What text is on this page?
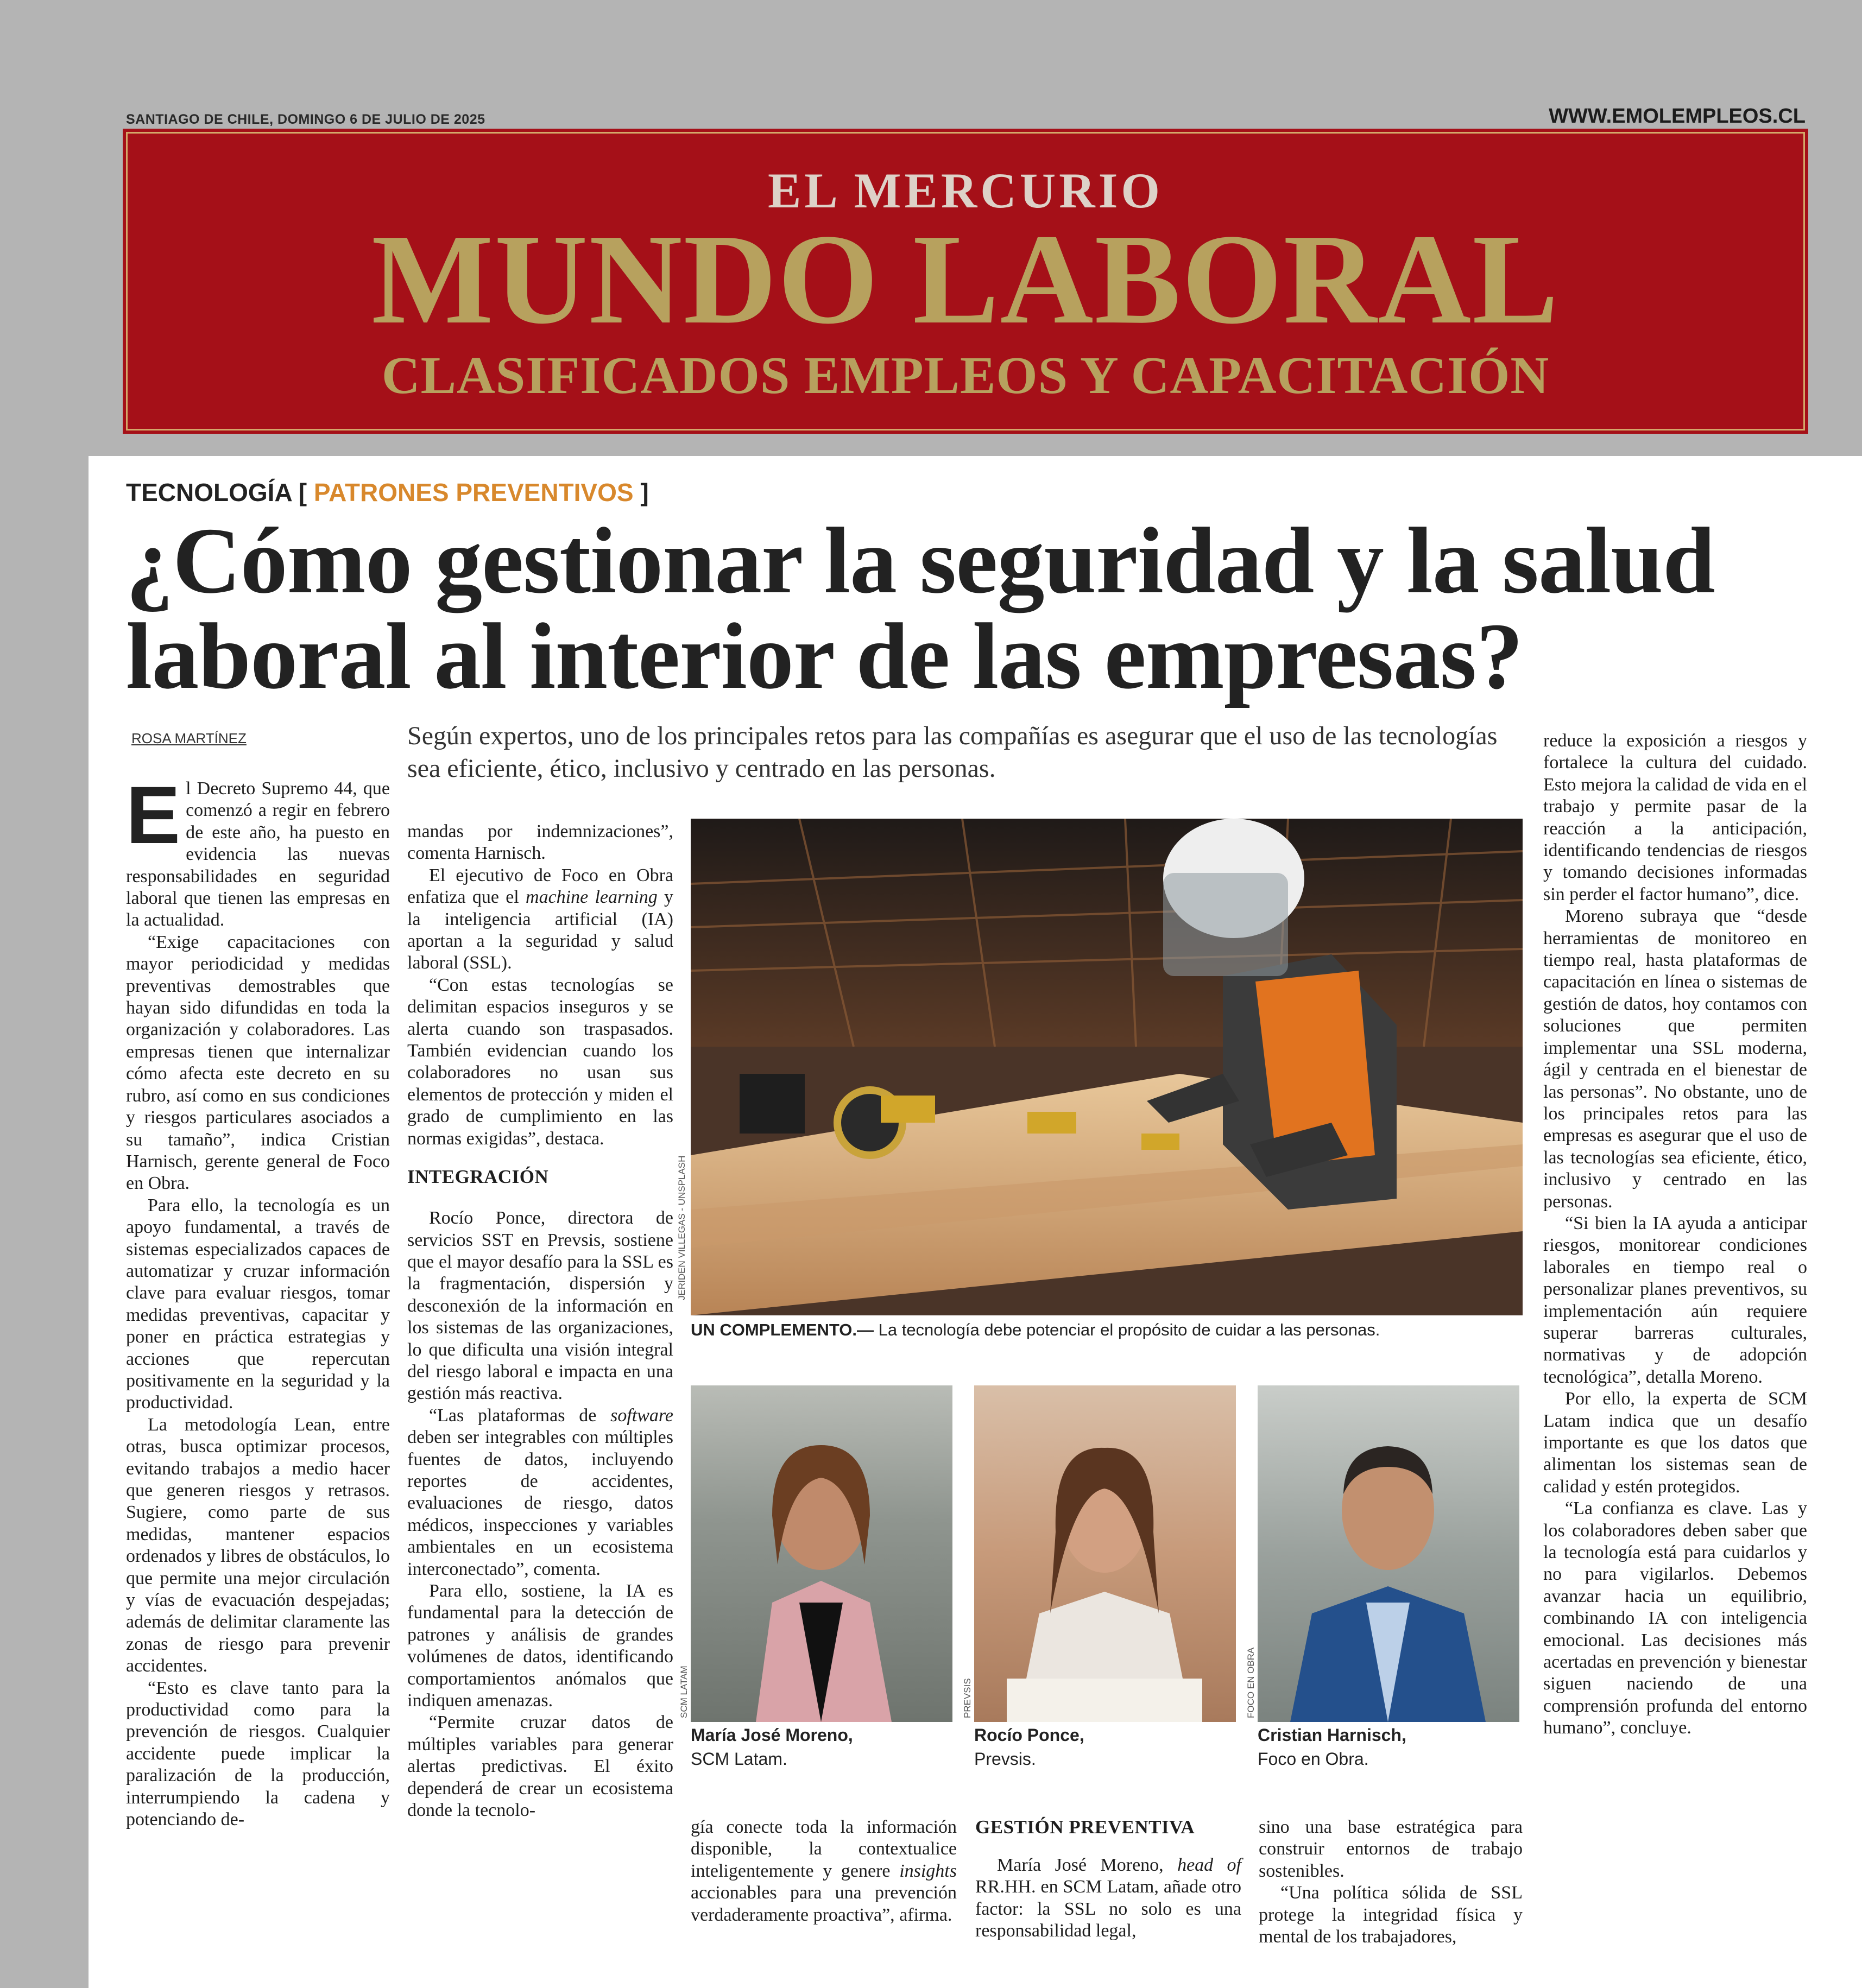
SANTIAGO DE CHILE, DOMINGO 6 DE JULIO DE 2025	WWW.EMOLEMPLEOS.CL
EL MERCURIO
MUNDO LABORAL
CLASIFICADOS EMPLEOS Y CAPACITACIÓN
TECNOLOGÍA [ PATRONES PREVENTIVOS ]
¿Cómo gestionar la seguridad y la salud
laboral al interior de las empresas?
ROSA MARTÍNEZ	Según expertos, uno de los principales retos para las compañías es asegurar que el uso de las tecnologías sea eficiente, ético, inclusivo y centrado en las personas.

El Decreto Supremo 44, que comenzó a regir en febrero de este año, ha puesto en evidencia las nuevas responsabilidades en seguridad laboral que tienen las empresas en la actualidad.

“Exige capacitaciones con mayor periodicidad y medidas preventivas demostrables que hayan sido difundidas en toda la organización y colaboradores. Las empresas tienen que internalizar cómo afecta este decreto en su rubro, así como en sus condiciones y riesgos particulares asociados a su tamaño”, indica Cristian Harnisch, gerente general de Foco en Obra.

Para ello, la tecnología es un apoyo fundamental, a través de sistemas especializados capaces de automatizar y cruzar información clave para evaluar riesgos, tomar medidas preventivas, capacitar y poner en práctica estrategias y acciones que repercutan positivamente en la seguridad y la productividad.

La metodología Lean, entre otras, busca optimizar procesos, evitando trabajos a medio hacer que generen riesgos y retrasos. Sugiere, como parte de sus medidas, mantener espacios ordenados y libres de obstáculos, lo que permite una mejor circulación y vías de evacuación despejadas; además de delimitar claramente las zonas de riesgo para prevenir accidentes.

“Esto es clave tanto para la productividad como para la prevención de riesgos. Cualquier accidente puede implicar la paralización de la producción, interrumpiendo la cadena y potenciando de-

mandas por indemnizaciones”, comenta Harnisch.

El ejecutivo de Foco en Obra enfatiza que el machine learning y la inteligencia artificial (IA) aportan a la seguridad y salud laboral (SSL).

“Con estas tecnologías se delimitan espacios inseguros y se alerta cuando son traspasados. También evidencian cuando los colaboradores no usan sus elementos de protección y miden el grado de cumplimiento en las normas exigidas”, destaca.

INTEGRACIÓN

Rocío Ponce, directora de servicios SST en Prevsis, sostiene que el mayor desafío para la SSL es la fragmentación, dispersión y desconexión de la información en los sistemas de las organizaciones, lo que dificulta una visión integral del riesgo laboral e impacta en una gestión más reactiva.

“Las plataformas de software deben ser integrables con múltiples fuentes de datos, incluyendo reportes de accidentes, evaluaciones de riesgo, datos médicos, inspecciones y variables ambientales en un ecosistema interconectado”, comenta.

Para ello, sostiene, la IA es fundamental para la detección de patrones y análisis de grandes volúmenes de datos, identificando comportamientos anómalos que indiquen amenazas.

“Permite cruzar datos de múltiples variables para generar alertas predictivas. El éxito dependerá de crear un ecosistema donde la tecnolo-

JERIDEN VILLEGAS - UNSPLASH
UN COMPLEMENTO.— La tecnología debe potenciar el propósito de cuidar a las personas.
SCM LATAM
María José Moreno,
SCM Latam.
PREVSIS
Rocío Ponce,
Prevsis.
FOCO EN OBRA
Cristian Harnisch,
Foco en Obra.

gía conecte toda la información disponible, la contextualice inteligentemente y genere insights accionables para una prevención verdaderamente proactiva”, afirma.

GESTIÓN PREVENTIVA

María José Moreno, head of RR.HH. en SCM Latam, añade otro factor: la SSL no solo es una responsabilidad legal,

sino una base estratégica para construir entornos de trabajo sostenibles.

“Una política sólida de SSL protege la integridad física y mental de los trabajadores,

reduce la exposición a riesgos y fortalece la cultura del cuidado. Esto mejora la calidad de vida en el trabajo y permite pasar de la reacción a la anticipación, identificando tendencias de riesgos y tomando decisiones informadas sin perder el factor humano”, dice.

Moreno subraya que “desde herramientas de monitoreo en tiempo real, hasta plataformas de capacitación en línea o sistemas de gestión de datos, hoy contamos con soluciones que permiten implementar una SSL moderna, ágil y centrada en el bienestar de las personas”. No obstante, uno de los principales retos para las empresas es asegurar que el uso de las tecnologías sea eficiente, ético, inclusivo y centrado en las personas.

“Si bien la IA ayuda a anticipar riesgos, monitorear condiciones laborales en tiempo real o personalizar planes preventivos, su implementación aún requiere superar barreras culturales, normativas y de adopción tecnológica”, detalla Moreno.

Por ello, la experta de SCM Latam indica que un desafío importante es que los datos que alimentan los sistemas sean de calidad y estén protegidos.

“La confianza es clave. Las y los colaboradores deben saber que la tecnología está para cuidarlos y no para vigilarlos. Debemos avanzar hacia un equilibrio, combinando IA con inteligencia emocional. Las decisiones más acertadas en prevención y bienestar siguen naciendo de una comprensión profunda del entorno humano”, concluye.
